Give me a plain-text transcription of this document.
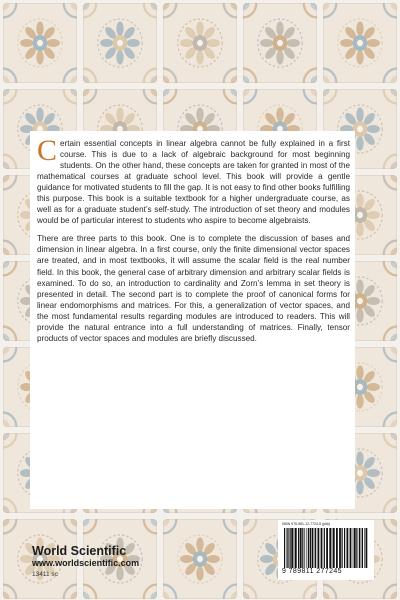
Certain essential concepts in linear algebra cannot be fully explained in a first course. This is due to a lack of algebraic background for most beginning students. On the other hand, these concepts are taken for granted in most of the mathematical courses at graduate school level. This book will provide a gentle guidance for motivated students to fill the gap. It is not easy to find other books fulfilling this purpose. This book is a suitable textbook for a higher undergraduate course, as well as for a graduate student’s self-study. The introduction of set theory and modules would be of particular interest to students who aspire to become algebraists.

There are three parts to this book. One is to complete the discussion of bases and dimension in linear algebra. In a first course, only the finite dimensional vector spaces are treated, and in most textbooks, it will assume the scalar field is the real number field. In this book, the general case of arbitrary dimension and arbitrary scalar fields is examined. To do so, an introduction to cardinality and Zorn’s lemma in set theory is presented in detail. The second part is to complete the proof of canonical forms for linear endomorphisms and matrices. For this, a generalization of vector spaces, and the most fundamental results regarding modules are introduced to readers. This will provide the natural entrance into a full understanding of matrices. Finally, tensor products of vector spaces and modules are briefly discussed.

World Scientific
www.worldscientific.com
13411 sc
ISBN 978-981-12-7724-5 (pbk)
9 789811 277245
